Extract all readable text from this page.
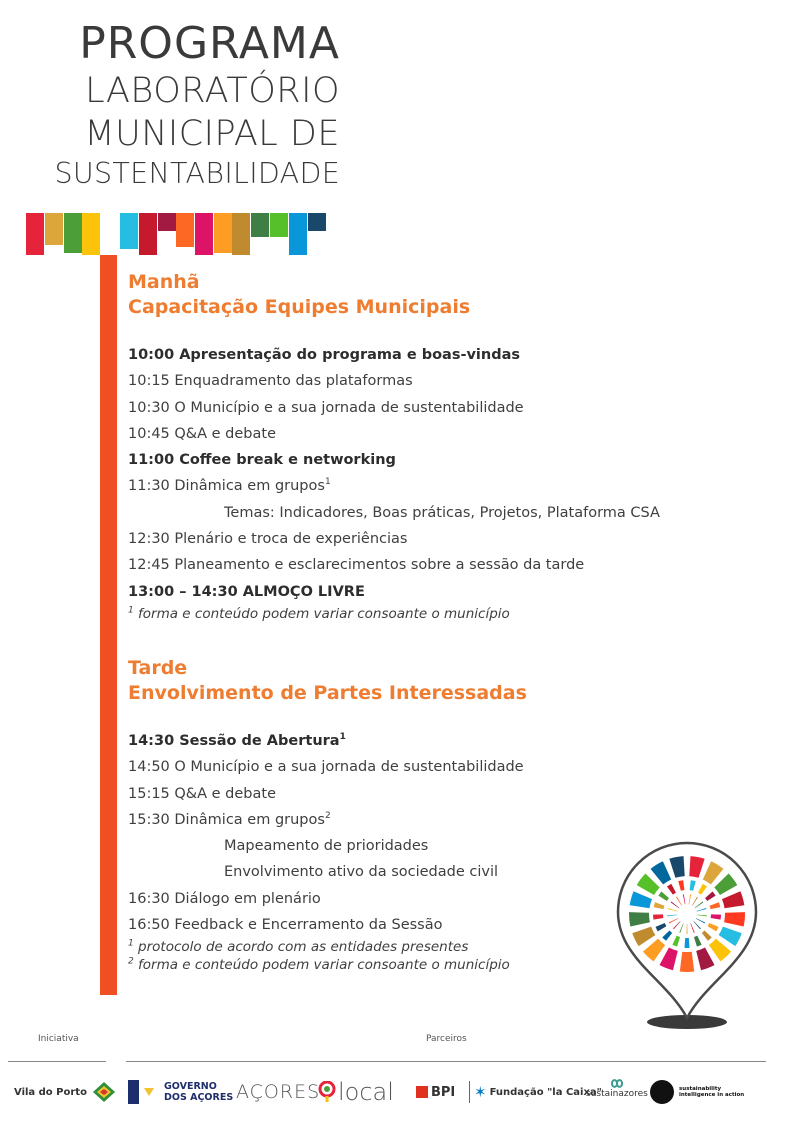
PROGRAMA
LABORATÓRIO
MUNICIPAL DE
SUSTENTABILIDADE
Manhã
Capacitação Equipes Municipais
10:00 Apresentação do programa e boas-vindas
10:15 Enquadramento das plataformas
10:30 O Município e a sua jornada de sustentabilidade
10:45 Q&A e debate
11:00 Coffee break e networking
11:30 Dinâmica em grupos$^1$
Temas: Indicadores, Boas práticas, Projetos, Plataforma CSA
12:30 Plenário e troca de experiências
12:45 Planeamento e esclarecimentos sobre a sessão da tarde
13:00 – 14:30 ALMOÇO LIVRE
$^1$ forma e conteúdo podem variar consoante o município
Tarde
Envolvimento de Partes Interessadas
14:30 Sessão de Abertura$^1$
14:50 O Município e a sua jornada de sustentabilidade
15:15 Q&A e debate
15:30 Dinâmica em grupos$^2$
Mapeamento de prioridades
Envolvimento ativo da sociedade civil
16:30 Diálogo em plenário
16:50 Feedback e Encerramento da Sessão
$^1$ protocolo de acordo com as entidades presentes
$^2$ forma e conteúdo podem variar consoante o município
Iniciativa	Parceiros
Vila do Porto	GOVERNO
DOS AÇORES AÇORES local	BPI ✶ Fundação "la Caixa"
sustainazores	sustainability
intelligence in action
